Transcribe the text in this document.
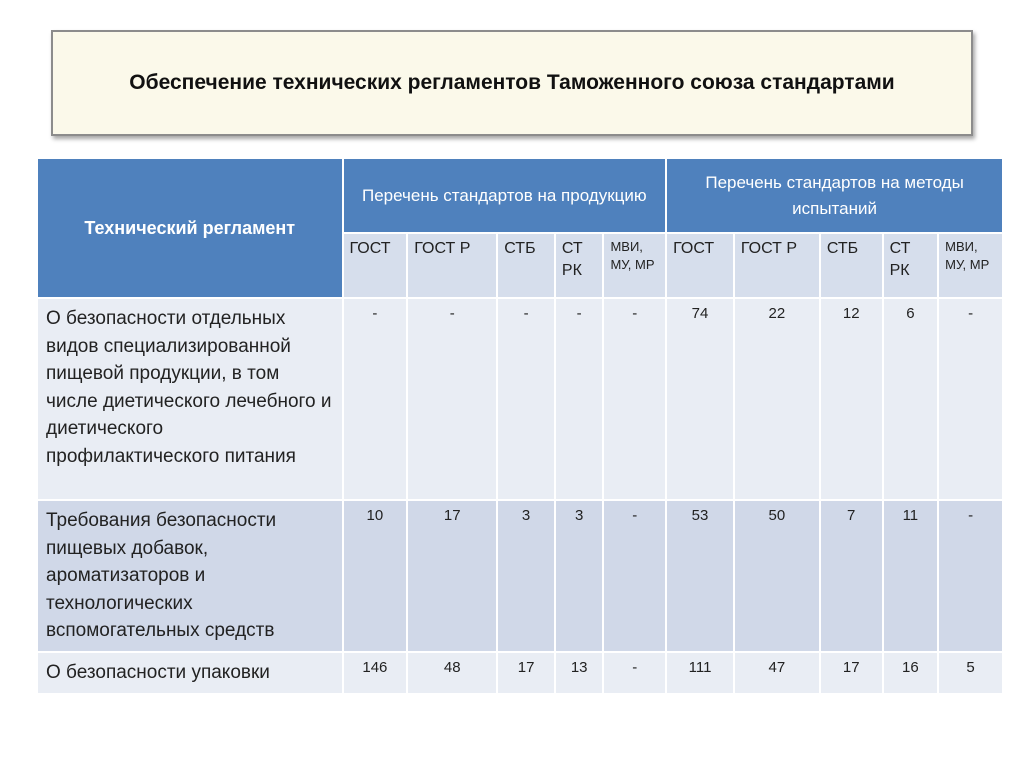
Обеспечение технических регламентов Таможенного союза стандартами
Технический регламент	Перечень стандартов на продукцию					Перечень стандартов на методы испытаний				
	ГОСТ	ГОСТ Р	СТБ	СТ РК	МВИ, МУ, МР	ГОСТ	ГОСТ Р	СТБ	СТ РК	МВИ, МУ, МР
О безопасности отдельных видов специализированной пищевой продукции, в том числе диетического лечебного и диетического профилактического питания	-	-	-	-	-	74	22	12	6	-
Требования безопасности пищевых добавок, ароматизаторов и технологических вспомогательных средств	10	17	3	3	-	53	50	7	11	-
О безопасности упаковки	146	48	17	13	-	111	47	17	16	5
